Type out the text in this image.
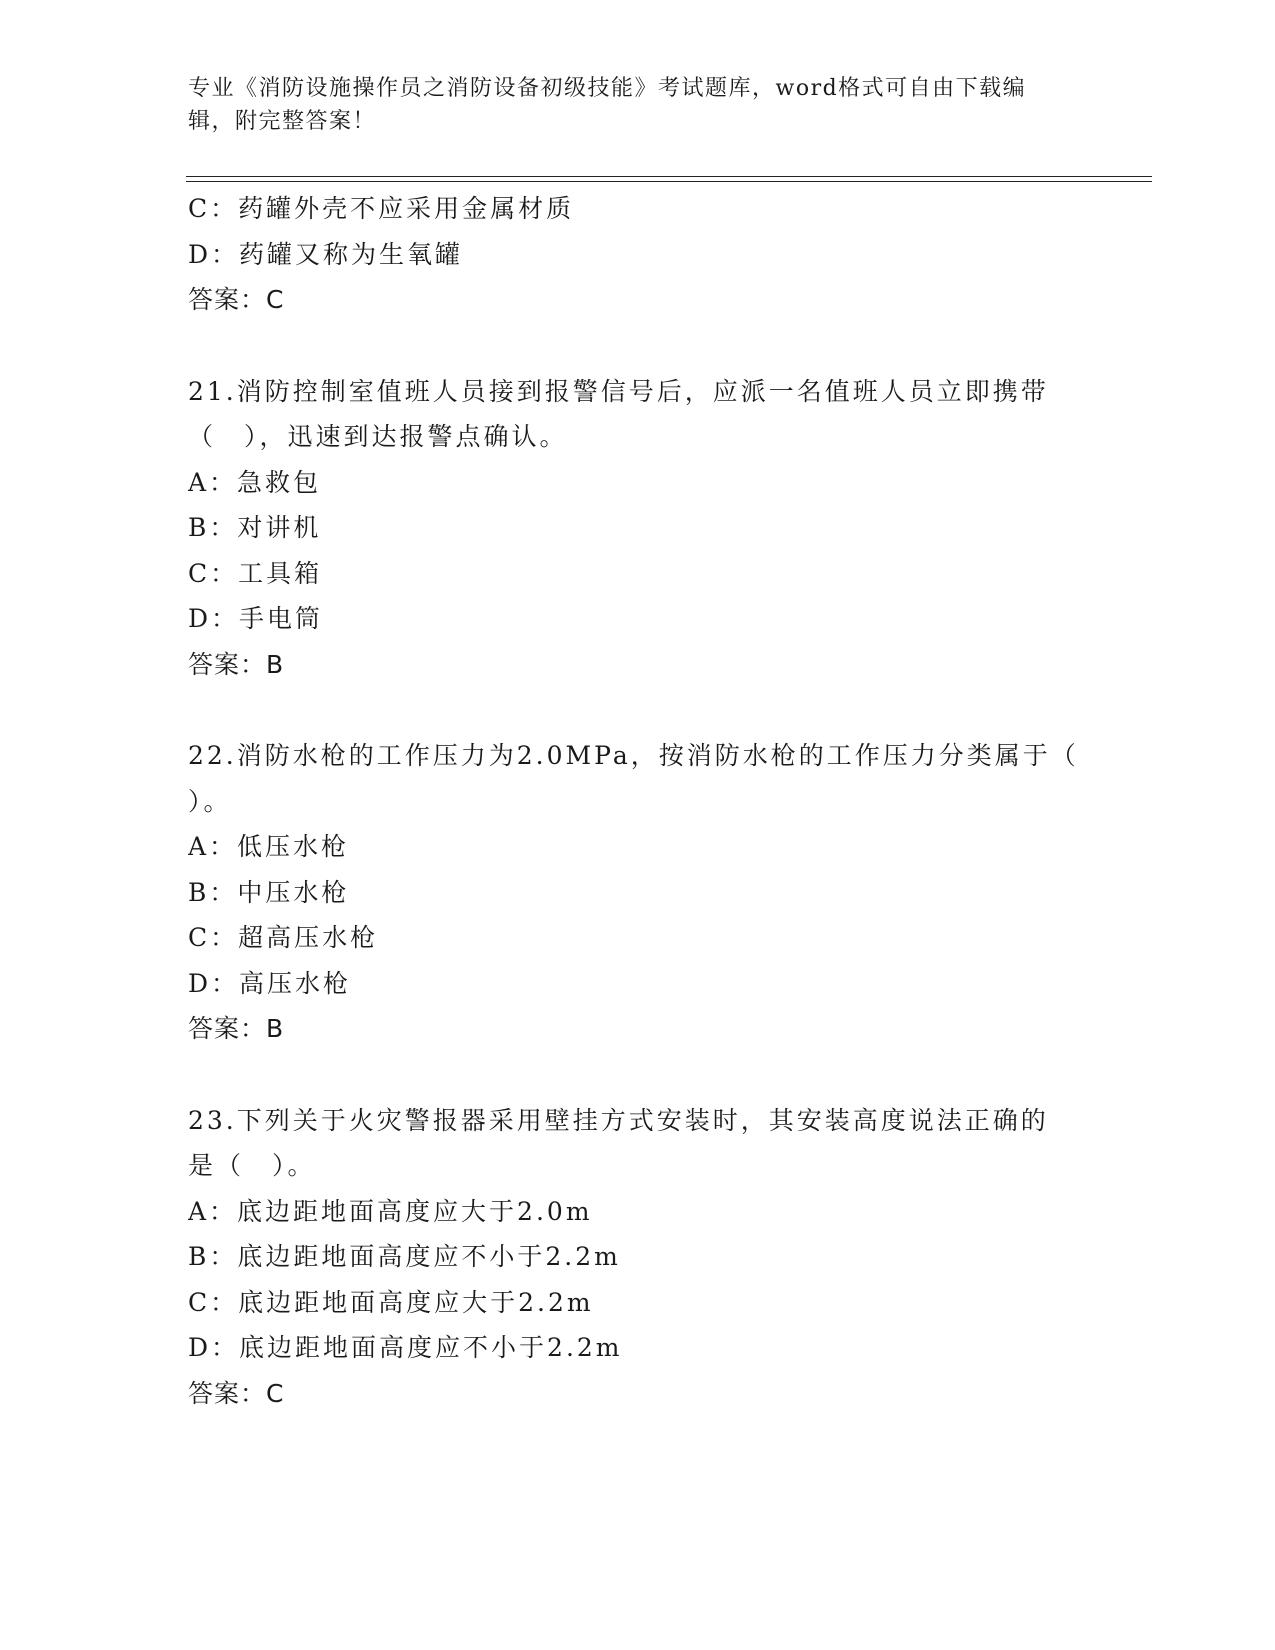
专业《消防设施操作员之消防设备初级技能》考试题库，word格式可自由下载编辑，附完整答案！
C：药罐外壳不应采用金属材质
D：药罐又称为生氧罐
答案：C
21.消防控制室值班人员接到报警信号后，应派一名值班人员立即携带
（　），迅速到达报警点确认。
A：急救包
B：对讲机
C：工具箱
D：手电筒
答案：B
22.消防水枪的工作压力为2.0MPa，按消防水枪的工作压力分类属于（
）。
A：低压水枪
B：中压水枪
C：超高压水枪
D：高压水枪
答案：B
23.下列关于火灾警报器采用壁挂方式安装时，其安装高度说法正确的
是（　）。
A：底边距地面高度应大于2.0m
B：底边距地面高度应不小于2.2m
C：底边距地面高度应大于2.2m
D：底边距地面高度应不小于2.2m
答案：C
